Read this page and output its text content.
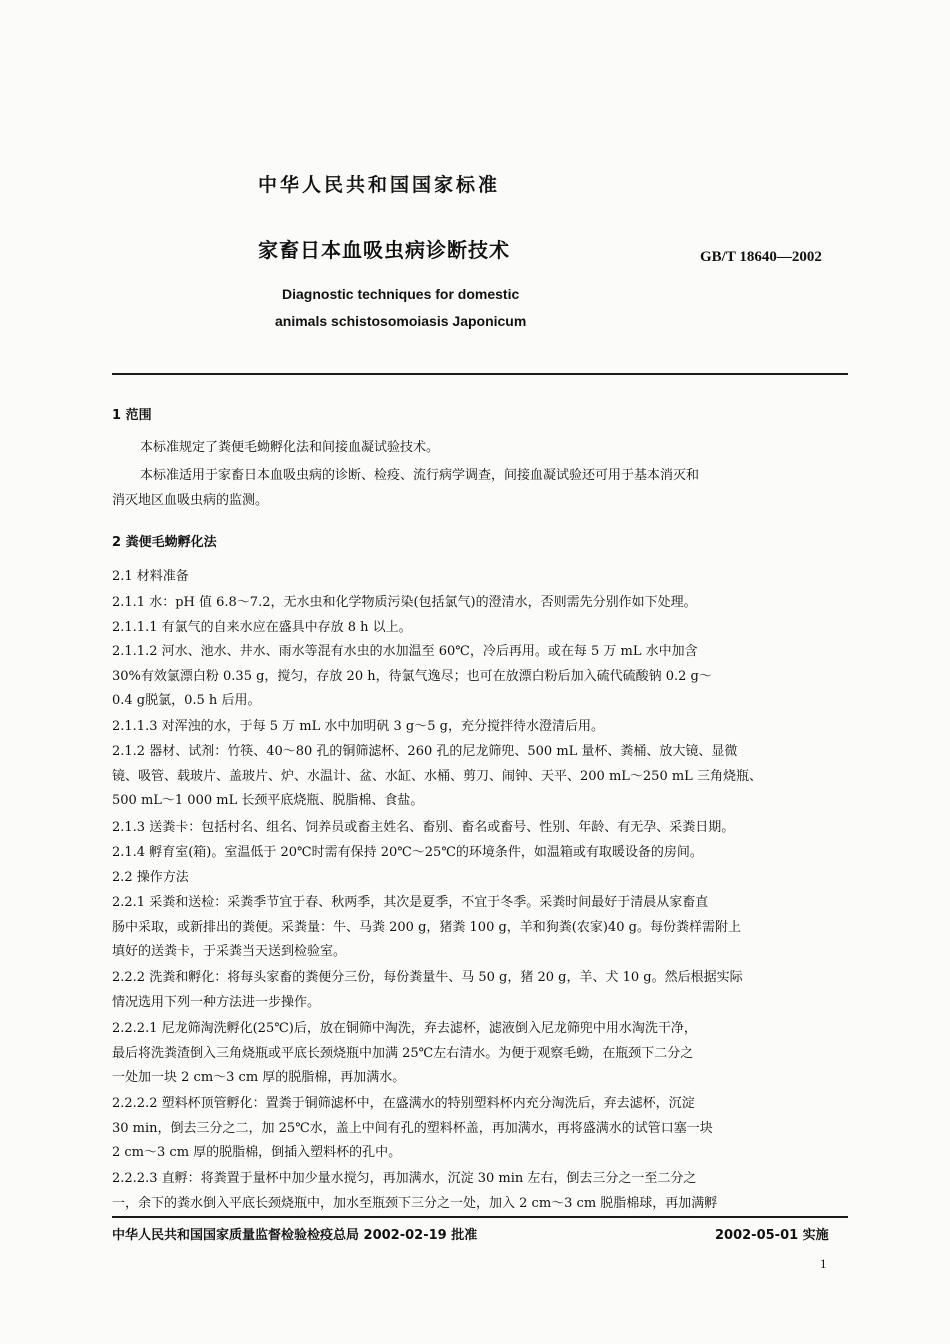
中华人民共和国国家标准
家畜日本血吸虫病诊断技术	GB/T 18640—2002
Diagnostic techniques for domestic
animals schistosomoiasis Japonicum
1 范围
本标准规定了粪便毛蚴孵化法和间接血凝试验技术。
本标准适用于家畜日本血吸虫病的诊断、检疫、流行病学调查，间接血凝试验还可用于基本消灭和
消灭地区血吸虫病的监测。
2 粪便毛蚴孵化法
2.1 材料准备
2.1.1 水：pH 值 6.8～7.2，无水虫和化学物质污染(包括氯气)的澄清水，否则需先分别作如下处理。
2.1.1.1 有氯气的自来水应在盛具中存放 8 h 以上。
2.1.1.2 河水、池水、井水、雨水等混有水虫的水加温至 60℃，冷后再用。或在每 5 万 mL 水中加含
30%有效氯漂白粉 0.35 g，搅匀，存放 20 h，待氯气逸尽；也可在放漂白粉后加入硫代硫酸钠 0.2 g～
0.4 g脱氯，0.5 h 后用。
2.1.1.3 对浑浊的水，于每 5 万 mL 水中加明矾 3 g～5 g，充分搅拌待水澄清后用。
2.1.2 器材、试剂：竹筷、40～80 孔的铜筛滤杯、260 孔的尼龙筛兜、500 mL 量杯、粪桶、放大镜、显微
镜、吸管、载玻片、盖玻片、炉、水温计、盆、水缸、水桶、剪刀、闹钟、天平、200 mL～250 mL 三角烧瓶、
500 mL～1 000 mL 长颈平底烧瓶、脱脂棉、食盐。
2.1.3 送粪卡：包括村名、组名、饲养员或畜主姓名、畜别、畜名或畜号、性别、年龄、有无孕、采粪日期。
2.1.4 孵育室(箱)。室温低于 20℃时需有保持 20℃～25℃的环境条件，如温箱或有取暖设备的房间。
2.2 操作方法
2.2.1 采粪和送检：采粪季节宜于春、秋两季，其次是夏季，不宜于冬季。采粪时间最好于清晨从家畜直
肠中采取，或新排出的粪便。采粪量：牛、马粪 200 g，猪粪 100 g，羊和狗粪(农家)40 g。每份粪样需附上
填好的送粪卡，于采粪当天送到检验室。
2.2.2 洗粪和孵化：将每头家畜的粪便分三份，每份粪量牛、马 50 g，猪 20 g，羊、犬 10 g。然后根据实际
情况选用下列一种方法进一步操作。
2.2.2.1 尼龙筛淘洗孵化(25℃)后，放在铜筛中淘洗，弃去滤杯，滤液倒入尼龙筛兜中用水淘洗干净，
最后将洗粪渣倒入三角烧瓶或平底长颈烧瓶中加满 25℃左右清水。为便于观察毛蚴，在瓶颈下二分之
一处加一块 2 cm～3 cm 厚的脱脂棉，再加满水。
2.2.2.2 塑料杯顶管孵化：置粪于铜筛滤杯中，在盛满水的特别塑料杯内充分淘洗后，弃去滤杯，沉淀
30 min，倒去三分之二，加 25℃水，盖上中间有孔的塑料杯盖，再加满水，再将盛满水的试管口塞一块
2 cm～3 cm 厚的脱脂棉，倒插入塑料杯的孔中。
2.2.2.3 直孵：将粪置于量杯中加少量水搅匀，再加满水，沉淀 30 min 左右，倒去三分之一至二分之
一，余下的粪水倒入平底长颈烧瓶中，加水至瓶颈下三分之一处，加入 2 cm～3 cm 脱脂棉球，再加满孵
中华人民共和国国家质量监督检验检疫总局 2002-02-19 批准	2002-05-01 实施
1
